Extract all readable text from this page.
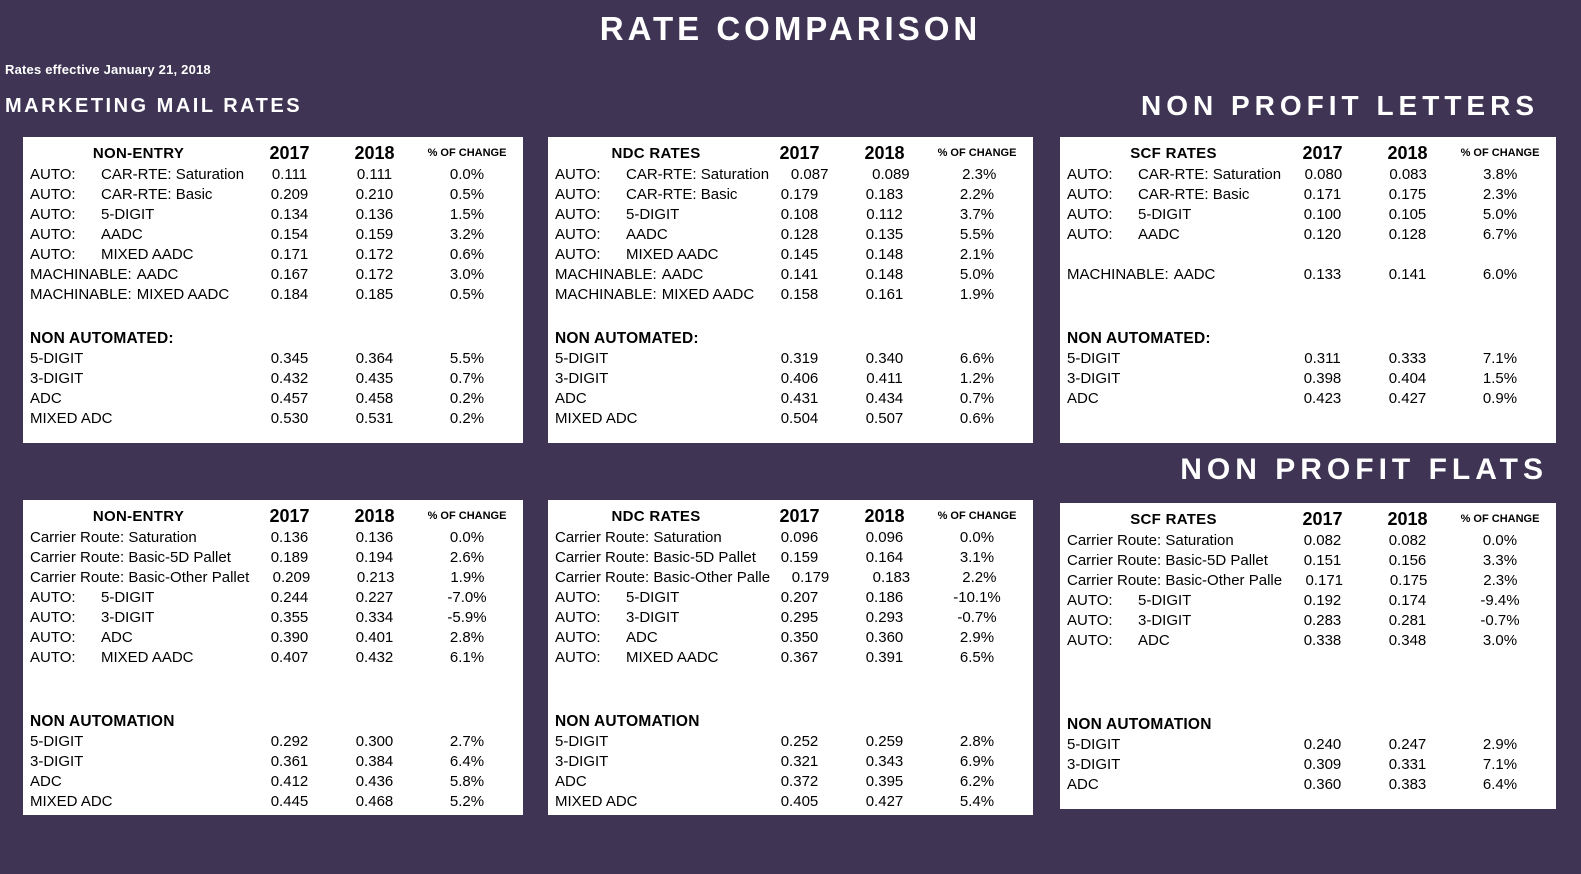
RATE COMPARISON
Rates effective January 21, 2018
MARKETING MAIL RATES	NON PROFIT LETTERS
NON PROFIT FLATS
NON-ENTRY	2017	2018	% OF CHANGE
AUTO: CAR-RTE: Saturation	0.111	0.111	0.0%
AUTO: CAR-RTE: Basic	0.209	0.210	0.5%
AUTO: 5-DIGIT	0.134	0.136	1.5%
AUTO: AADC	0.154	0.159	3.2%
AUTO: MIXED AADC	0.171	0.172	0.6%
MACHINABLE: AADC	0.167	0.172	3.0%
MACHINABLE: MIXED AADC	0.184	0.185	0.5%
NON AUTOMATED:
5-DIGIT	0.345	0.364	5.5%
3-DIGIT	0.432	0.435	0.7%
ADC	0.457	0.458	0.2%
MIXED ADC	0.530	0.531	0.2%
NDC RATES	2017	2018	% OF CHANGE
AUTO: CAR-RTE: Saturation	0.087	0.089	2.3%
AUTO: CAR-RTE: Basic	0.179	0.183	2.2%
AUTO: 5-DIGIT	0.108	0.112	3.7%
AUTO: AADC	0.128	0.135	5.5%
AUTO: MIXED AADC	0.145	0.148	2.1%
MACHINABLE: AADC	0.141	0.148	5.0%
MACHINABLE: MIXED AADC	0.158	0.161	1.9%
NON AUTOMATED:
5-DIGIT	0.319	0.340	6.6%
3-DIGIT	0.406	0.411	1.2%
ADC	0.431	0.434	0.7%
MIXED ADC	0.504	0.507	0.6%
SCF RATES	2017	2018	% OF CHANGE
AUTO: CAR-RTE: Saturation	0.080	0.083	3.8%
AUTO: CAR-RTE: Basic	0.171	0.175	2.3%
AUTO: 5-DIGIT	0.100	0.105	5.0%
AUTO: AADC	0.120	0.128	6.7%
MACHINABLE: AADC	0.133	0.141	6.0%
NON AUTOMATED:
5-DIGIT	0.311	0.333	7.1%
3-DIGIT	0.398	0.404	1.5%
ADC	0.423	0.427	0.9%
NON-ENTRY	2017	2018	% OF CHANGE
Carrier Route: Saturation	0.136	0.136	0.0%
Carrier Route: Basic-5D Pallet	0.189	0.194	2.6%
Carrier Route: Basic-Other Pallet	0.209	0.213	1.9%
AUTO: 5-DIGIT	0.244	0.227	-7.0%
AUTO: 3-DIGIT	0.355	0.334	-5.9%
AUTO: ADC	0.390	0.401	2.8%
AUTO: MIXED AADC	0.407	0.432	6.1%
NON AUTOMATION
5-DIGIT	0.292	0.300	2.7%
3-DIGIT	0.361	0.384	6.4%
ADC	0.412	0.436	5.8%
MIXED ADC	0.445	0.468	5.2%
NDC RATES	2017	2018	% OF CHANGE
Carrier Route: Saturation	0.096	0.096	0.0%
Carrier Route: Basic-5D Pallet	0.159	0.164	3.1%
Carrier Route: Basic-Other Palle	0.179	0.183	2.2%
AUTO: 5-DIGIT	0.207	0.186	-10.1%
AUTO: 3-DIGIT	0.295	0.293	-0.7%
AUTO: ADC	0.350	0.360	2.9%
AUTO: MIXED AADC	0.367	0.391	6.5%
NON AUTOMATION
5-DIGIT	0.252	0.259	2.8%
3-DIGIT	0.321	0.343	6.9%
ADC	0.372	0.395	6.2%
MIXED ADC	0.405	0.427	5.4%
SCF RATES	2017	2018	% OF CHANGE
Carrier Route: Saturation	0.082	0.082	0.0%
Carrier Route: Basic-5D Pallet	0.151	0.156	3.3%
Carrier Route: Basic-Other Palle	0.171	0.175	2.3%
AUTO: 5-DIGIT	0.192	0.174	-9.4%
AUTO: 3-DIGIT	0.283	0.281	-0.7%
AUTO: ADC	0.338	0.348	3.0%
NON AUTOMATION
5-DIGIT	0.240	0.247	2.9%
3-DIGIT	0.309	0.331	7.1%
ADC	0.360	0.383	6.4%
